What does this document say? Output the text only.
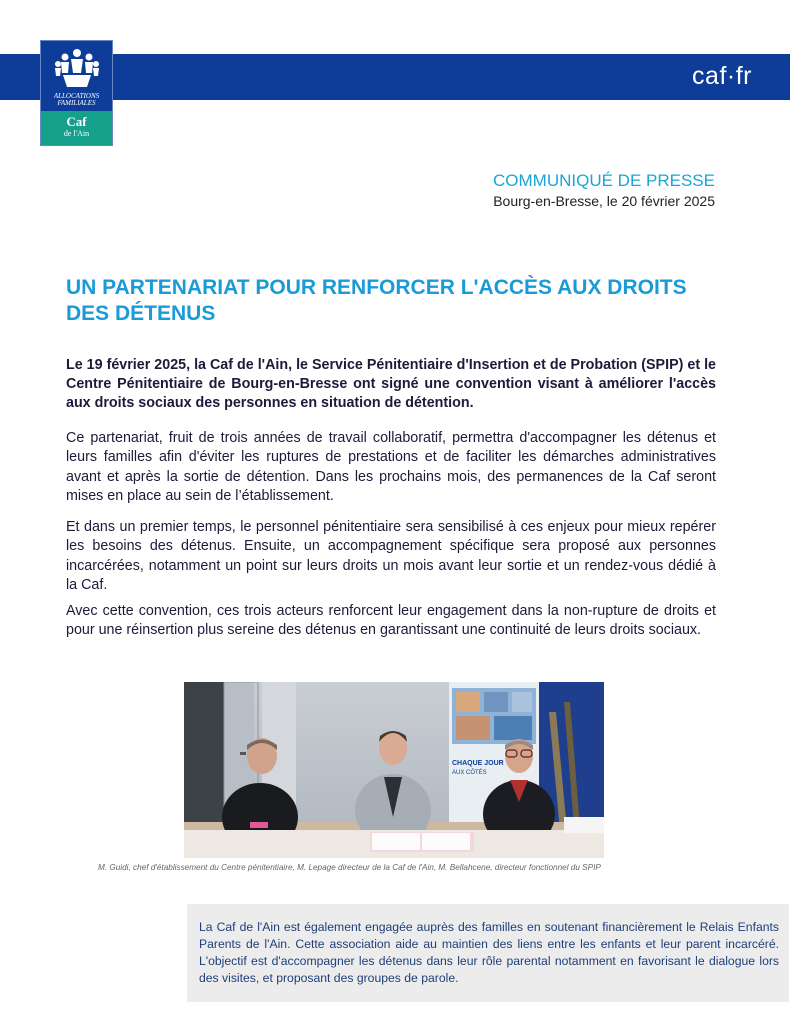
caf·fr
ALLOCATIONS
FAMILIALES
Caf
de l'Ain
COMMUNIQUÉ DE PRESSE
Bourg-en-Bresse, le 20 février 2025
UN PARTENARIAT POUR RENFORCER L'ACCÈS AUX DROITS DES DÉTENUS

Le 19 février 2025, la Caf de l'Ain, le Service Pénitentiaire d'Insertion et de Probation (SPIP) et le Centre Pénitentiaire de Bourg-en-Bresse ont signé une convention visant à améliorer l'accès aux droits sociaux des personnes en situation de détention.

Ce partenariat, fruit de trois années de travail collaboratif, permettra d'accompagner les détenus et leurs familles afin d'éviter les ruptures de prestations et de faciliter les démarches administratives avant et après la sortie de détention. Dans les prochains mois, des permanences de la Caf seront mises en place au sein de l’établissement.

Et dans un premier temps, le personnel pénitentiaire sera sensibilisé à ces enjeux pour mieux repérer les besoins des détenus. Ensuite, un accompagnement spécifique sera proposé aux personnes incarcérées, notamment un point sur leurs droits un mois avant leur sortie et un rendez-vous dédié à la Caf.

Avec cette convention, ces trois acteurs renforcent leur engagement dans la non-rupture de droits et pour une réinsertion plus sereine des détenus en garantissant une continuité de leurs droits sociaux.

CHAQUE JOUR
AUX CÔTÉS

M. Guidi, chef d'établissement du Centre pénitentiaire, M. Lepage directeur de la Caf de l'Ain, M. Bellahcene, directeur fonctionnel du SPIP

La Caf de l'Ain est également engagée auprès des familles en soutenant financièrement le Relais Enfants Parents de l'Ain. Cette association aide au maintien des liens entre les enfants et leur parent incarcéré. L'objectif est d'accompagner les détenus dans leur rôle parental notamment en favorisant le dialogue lors des visites, et proposant des groupes de parole.
